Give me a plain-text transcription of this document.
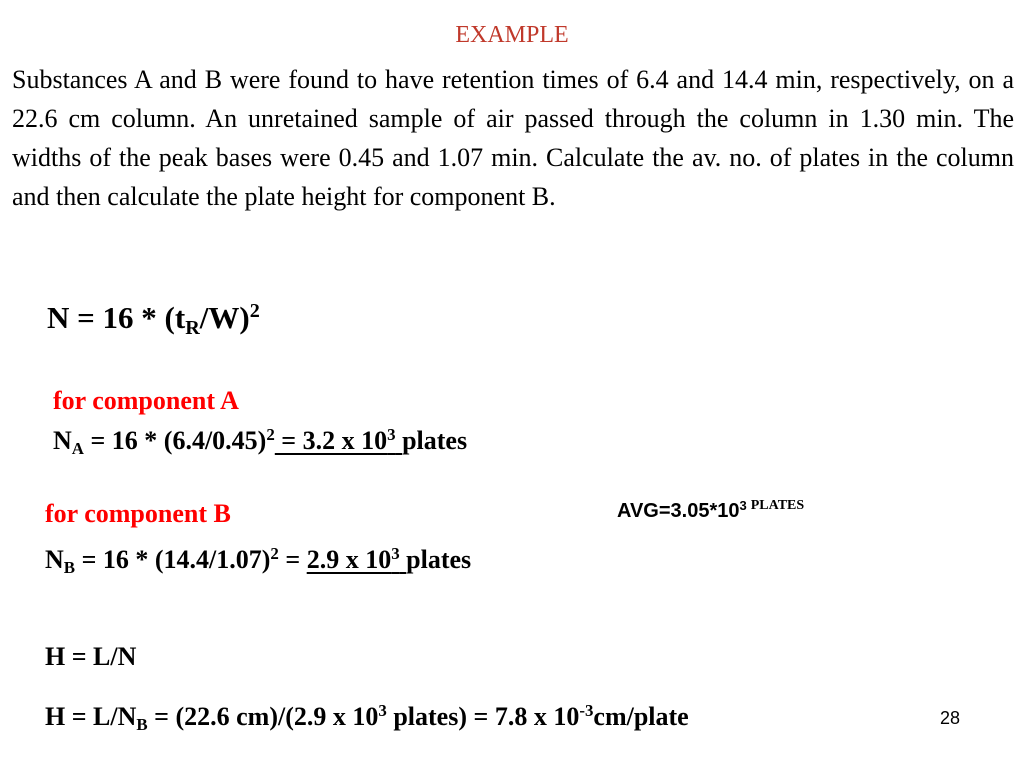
EXAMPLE

Substances A and B were found to have retention times of 6.4 and 14.4 min, respectively, on a 22.6 cm column. An unretained sample of air passed through the column in 1.30 min. The widths of the peak bases were 0.45 and 1.07 min. Calculate the av. no. of plates in the column and then calculate the plate height for component B.

$N = 16 * (t_R/W)^2$
for component A
$N_A = 16 * (6.4/0.45)^2 = 3.2$ x $10^3$ plates
for component B	$AVG=3.05*10^3$ $^{PLATES}$
$N_B = 16 * (14.4/1.07)^2 = 2.9$ x $10^3$ plates
H = L/N
$H = L/N_B = (22.6$ cm)/(2.9 x $10^3$ plates) = 7.8 x $10^{-3}cm$/plate	28
